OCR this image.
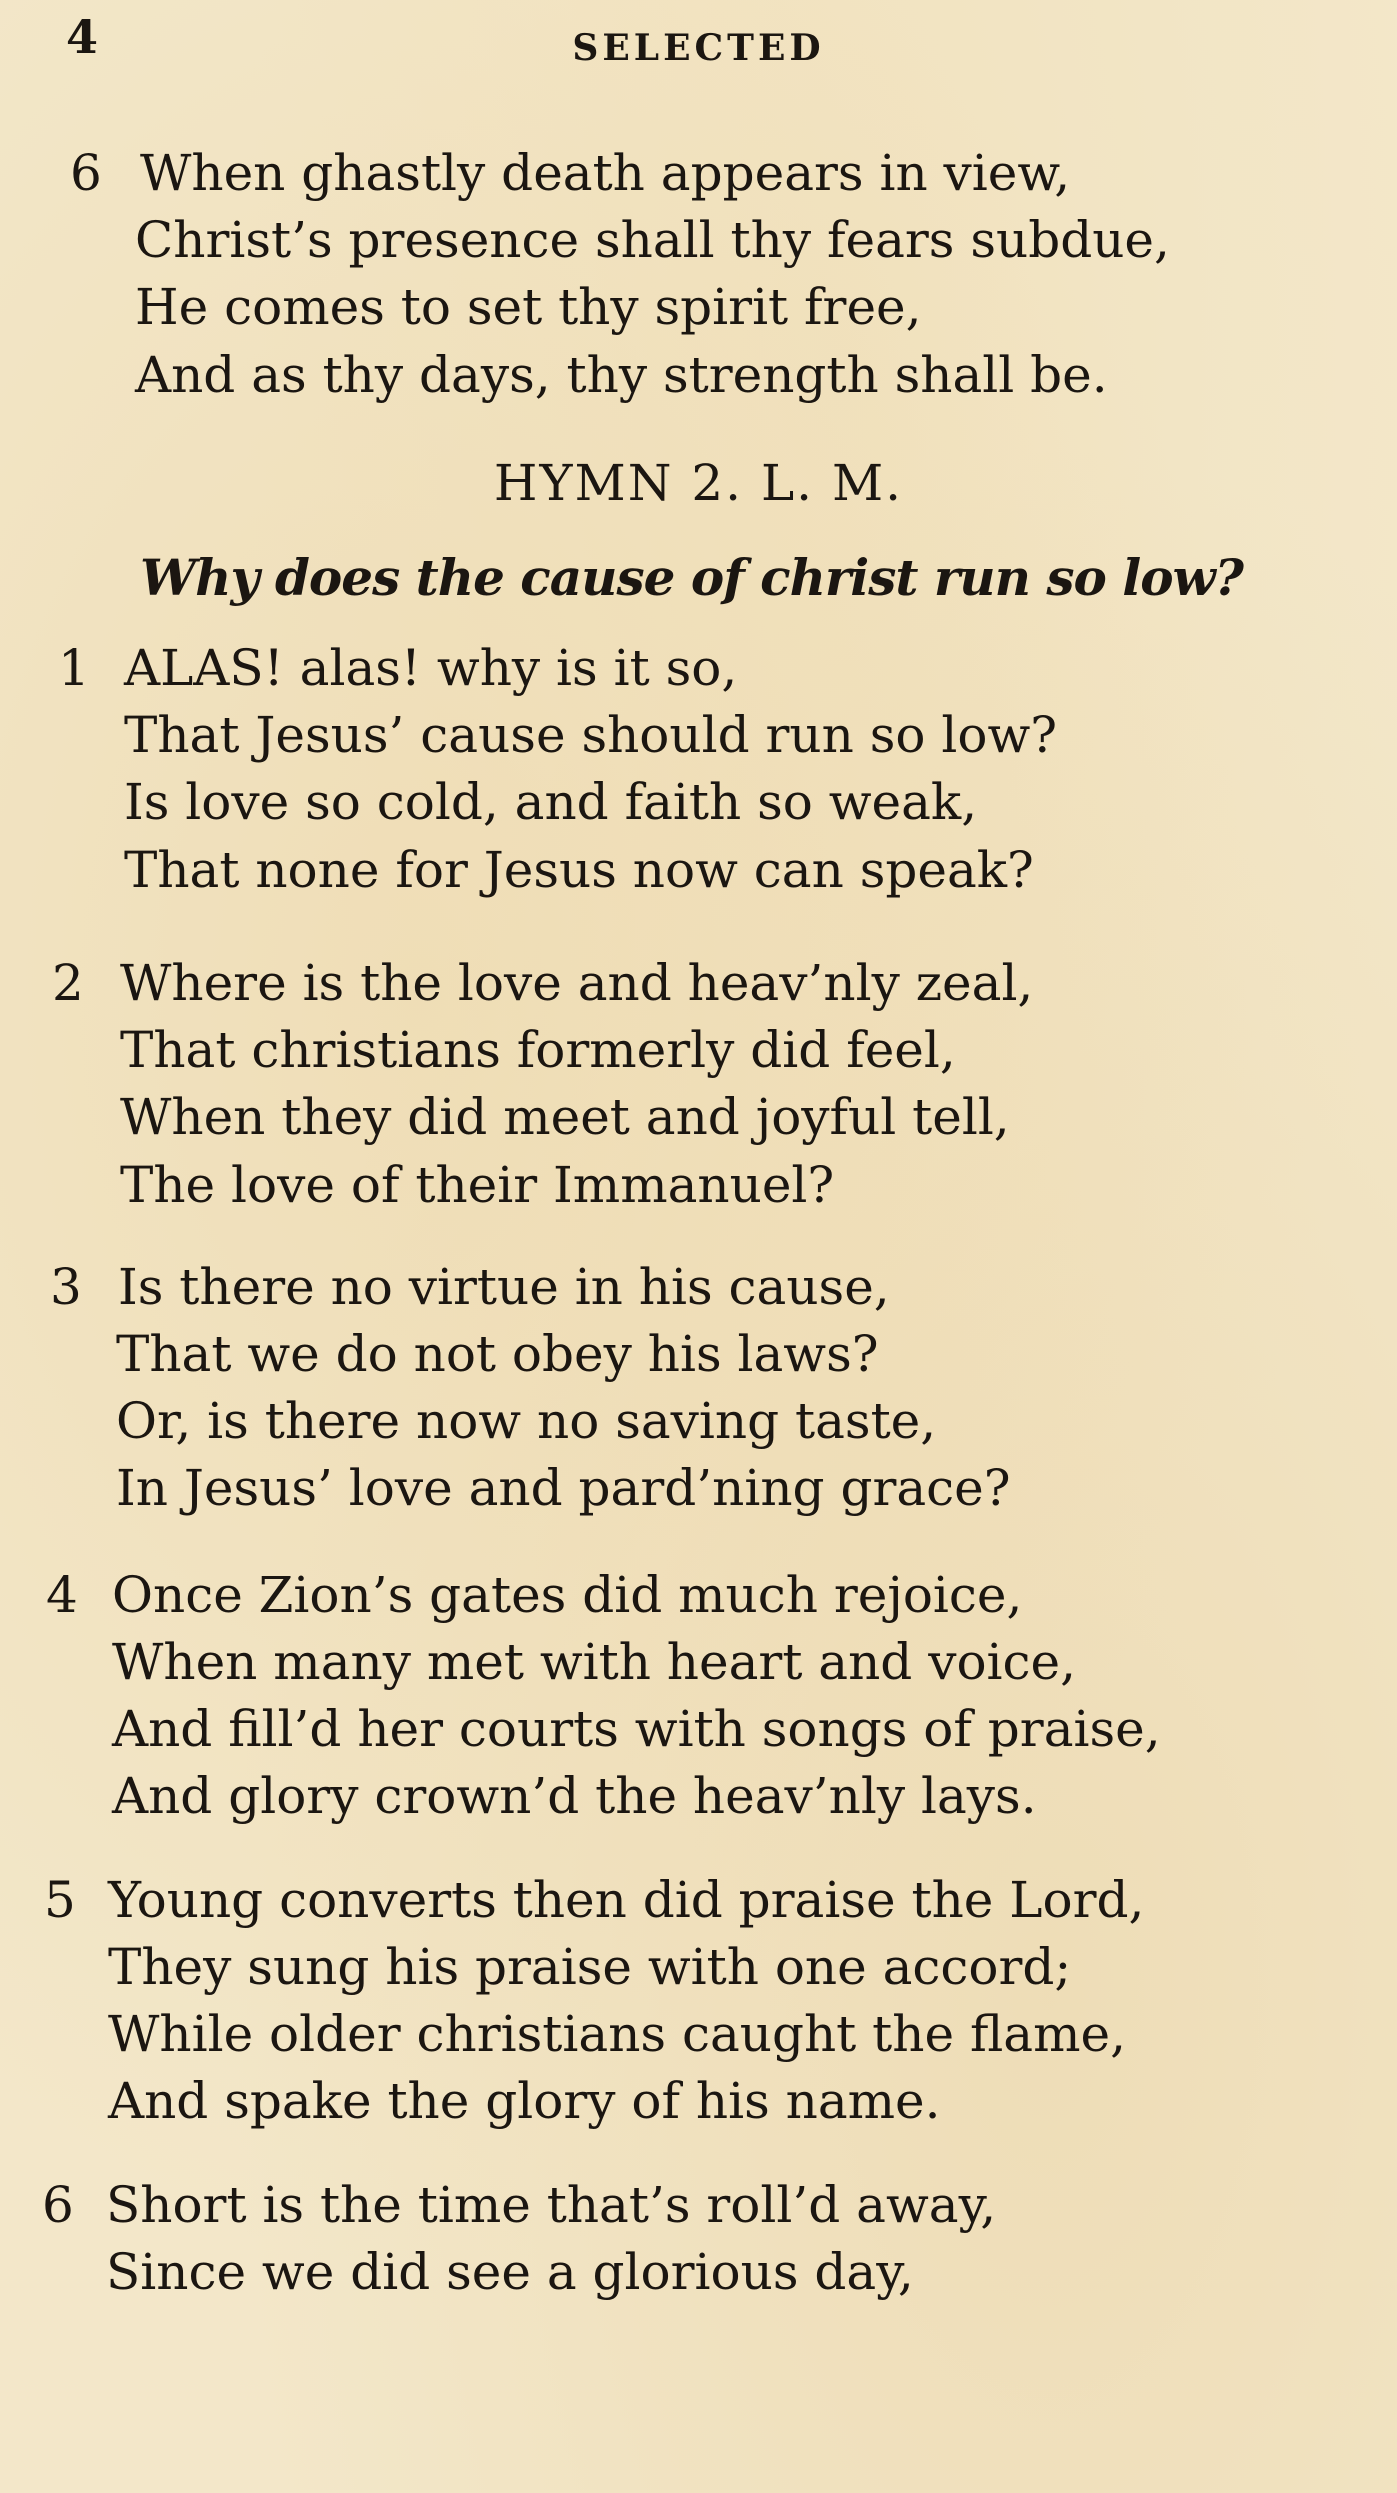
4	SELECTED
6 When ghastly death appears in view,
Christ’s presence shall thy fears subdue,
He comes to set thy spirit free,
And as thy days, thy strength shall be.
HYMN 2. L. M.
Why does the cause of christ run so low?
1 ALAS! alas! why is it so,
That Jesus’ cause should run so low?
Is love so cold, and faith so weak,
That none for Jesus now can speak?
2 Where is the love and heav’nly zeal,
That christians formerly did feel,
When they did meet and joyful tell,
The love of their Immanuel?
3 Is there no virtue in his cause,
That we do not obey his laws?
Or, is there now no saving taste,
In Jesus’ love and pard’ning grace?
4 Once Zion’s gates did much rejoice,
When many met with heart and voice,
And fill’d her courts with songs of praise,
And glory crown’d the heav’nly lays.
5 Young converts then did praise the Lord,
They sung his praise with one accord;
While older christians caught the flame,
And spake the glory of his name.
6 Short is the time that’s roll’d away,
Since we did see a glorious day,
